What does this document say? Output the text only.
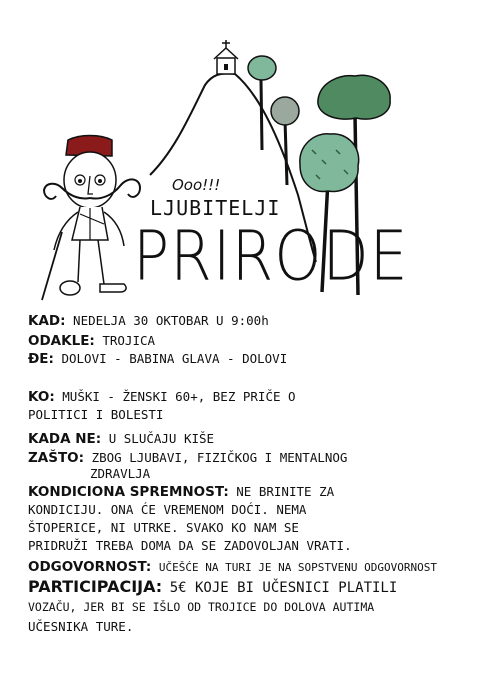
Ooo!!!
LJUBITELJI
PRIRODE
KAD: NEDELJA 30 OKTOBAR U 9:00h
ODAKLE: TROJICA
ĐE: DOLOVI - BABINA GLAVA - DOLOVI
KO: MUŠKI - ŽENSKI 60+, BEZ PRIČE O
POLITICI I BOLESTI
KADA NE: U SLUČAJU KIŠE
ZAŠTO: ZBOG LJUBAVI, FIZIČKOG I MENTALNOG
ZDRAVLJA
KONDICIONA SPREMNOST: NE BRINITE ZA
KONDICIJU. ONA ĆE VREMENOM DOĆI. NEMA
ŠTOPERICE, NI UTRKE. SVAKO KO NAM SE
PRIDRUŽI TREBA DOMA DA SE ZADOVOLJAN VRATI.
ODGOVORNOST: UČEŠĆE NA TURI JE NA SOPSTVENU ODGOVORNOST
PARTICIPACIJA: 5€ KOJE BI UČESNICI PLATILI
VOZAČU, JER BI SE IŠLO OD TROJICE DO DOLOVA AUTIMA
UČESNIKA TURE.
